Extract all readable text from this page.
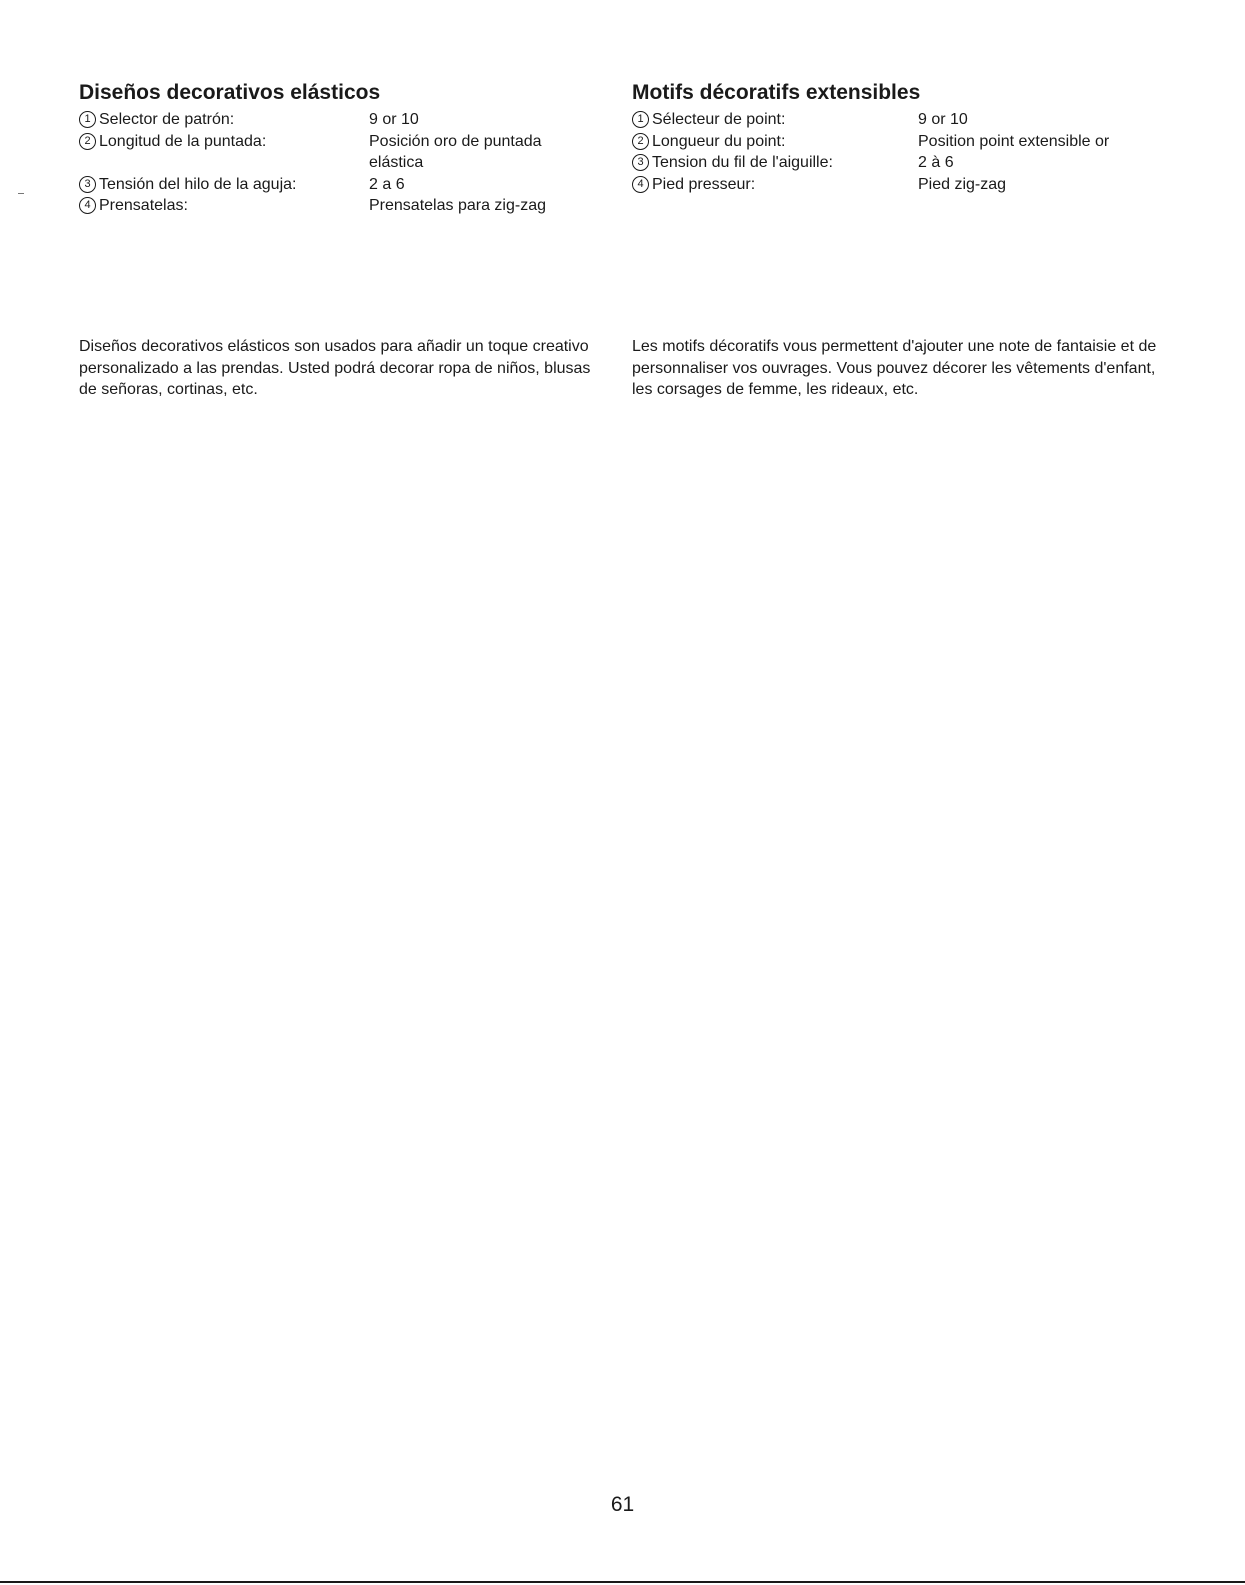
Diseños decorativos elásticos
1 Selector de patrón:	9 or 10
2 Longitud de la puntada:	Posición oro de puntada elástica
3 Tensión del hilo de la aguja:	2 a 6
4 Prensatelas:	Prensatelas para zig-zag
Motifs décoratifs extensibles
1 Sélecteur de point:	9 or 10
2 Longueur du point:	Position point extensible or
3 Tension du fil de l'aiguille:	2 à 6
4 Pied presseur:	Pied zig-zag

Diseños decorativos elásticos son usados para añadir un toque creativo personalizado a las prendas. Usted podrá decorar ropa de niños, blusas de señoras, cortinas, etc.

Les motifs décoratifs vous permettent d'ajouter une note de fantaisie et de personnaliser vos ouvrages. Vous pouvez décorer les vêtements d'enfant, les corsages de femme, les rideaux, etc.

61
